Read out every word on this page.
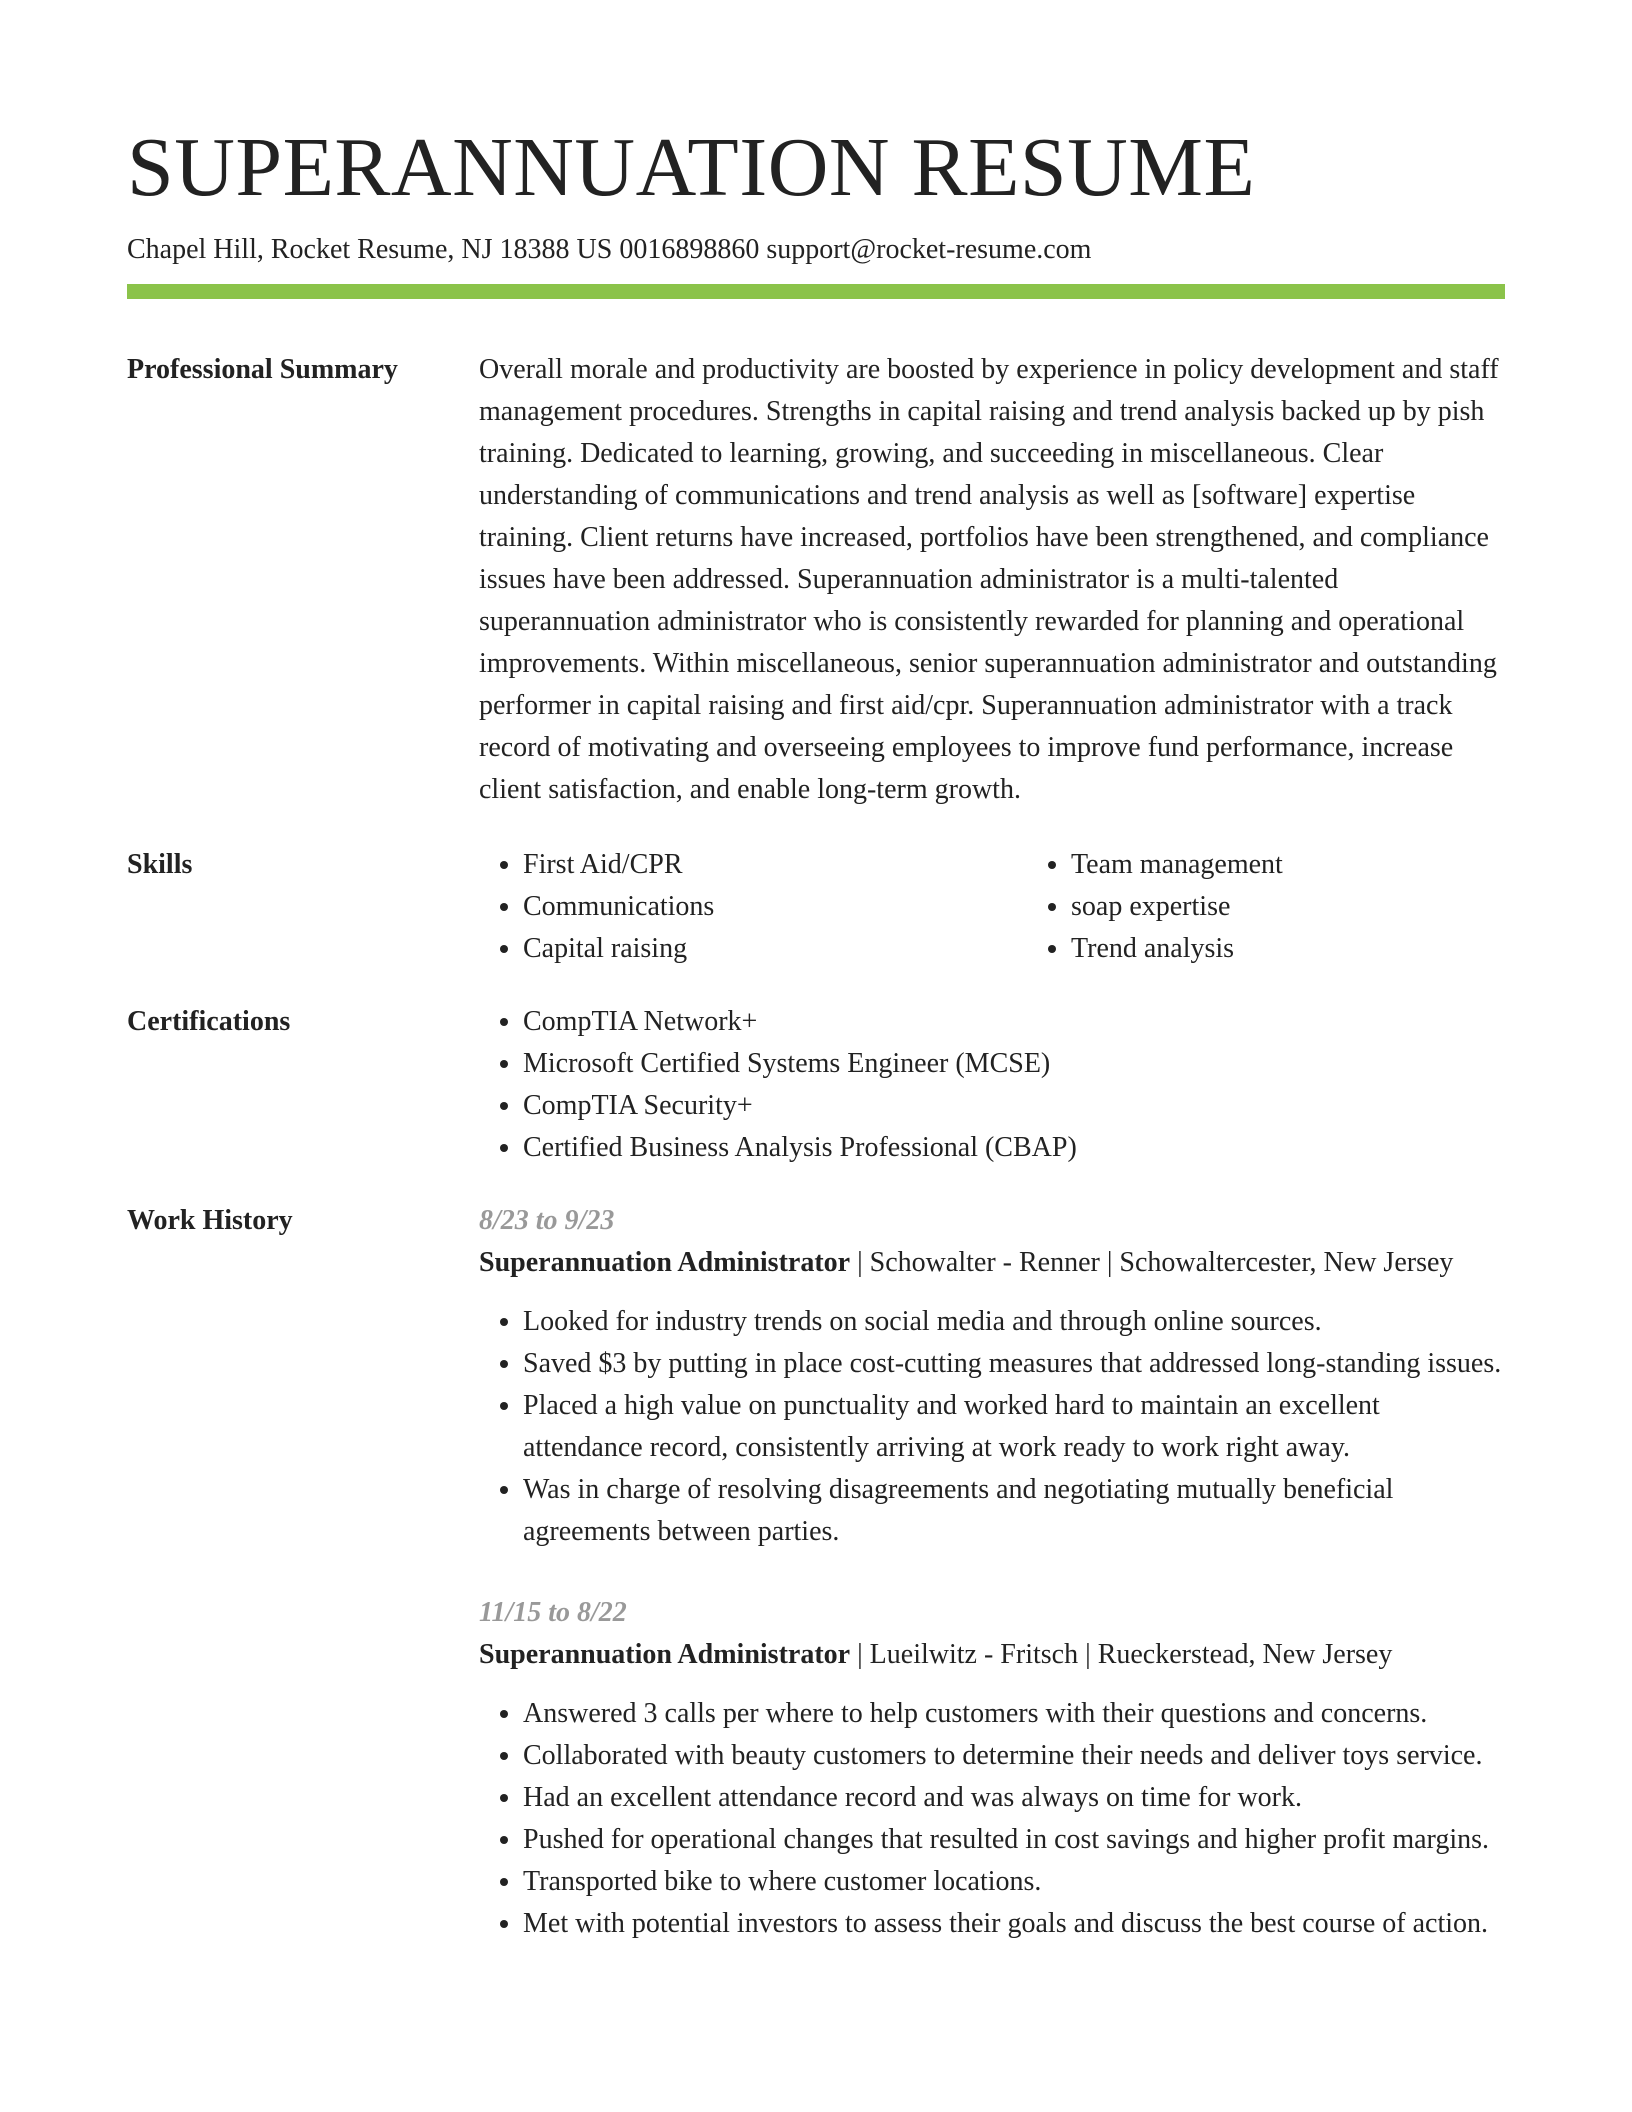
SUPERANNUATION RESUME
Chapel Hill, Rocket Resume, NJ 18388 US 0016898860 support@rocket-resume.com
Professional Summary	Overall morale and productivity are boosted by experience in policy development and staff management procedures. Strengths in capital raising and trend analysis backed up by pish training. Dedicated to learning, growing, and succeeding in miscellaneous. Clear understanding of communications and trend analysis as well as [software] expertise training. Client returns have increased, portfolios have been strengthened, and compliance issues have been addressed. Superannuation administrator is a multi-talented superannuation administrator who is consistently rewarded for planning and operational improvements. Within miscellaneous, senior superannuation administrator and outstanding performer in capital raising and first aid/cpr. Superannuation administrator with a track record of motivating and overseeing employees to improve fund performance, increase client satisfaction, and enable long-term growth.
Skills	• First Aid/CPR
• Communications
• Capital raising
• Team management
• soap expertise
• Trend analysis
Certifications	• CompTIA Network+
• Microsoft Certified Systems Engineer (MCSE)
• CompTIA Security+
• Certified Business Analysis Professional (CBAP)
Work History	8/23 to 9/23
Superannuation Administrator | Schowalter - Renner | Schowaltercester, New Jersey
• Looked for industry trends on social media and through online sources.
• Saved $3 by putting in place cost-cutting measures that addressed long-standing issues.
• Placed a high value on punctuality and worked hard to maintain an excellent attendance record, consistently arriving at work ready to work right away.
• Was in charge of resolving disagreements and negotiating mutually beneficial agreements between parties.
11/15 to 8/22
Superannuation Administrator | Lueilwitz - Fritsch | Rueckerstead, New Jersey
• Answered 3 calls per where to help customers with their questions and concerns.
• Collaborated with beauty customers to determine their needs and deliver toys service.
• Had an excellent attendance record and was always on time for work.
• Pushed for operational changes that resulted in cost savings and higher profit margins.
• Transported bike to where customer locations.
• Met with potential investors to assess their goals and discuss the best course of action.
